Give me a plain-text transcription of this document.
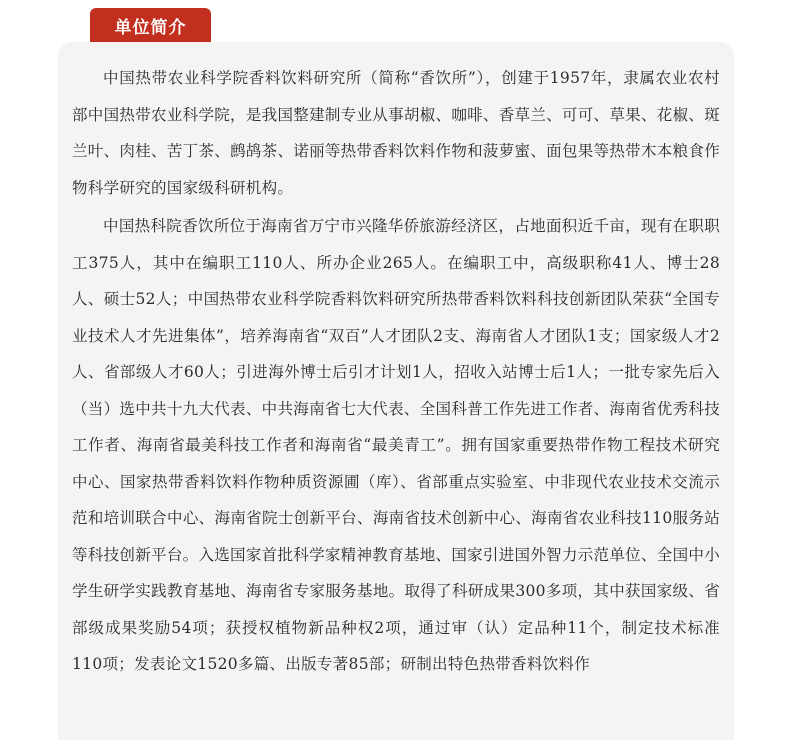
单位简介

中国热带农业科学院香料饮料研究所（简称“香饮所”），创建于1957年，隶属农业农村部中国热带农业科学院，是我国整建制专业从事胡椒、咖啡、香草兰、可可、草果、花椒、斑兰叶、肉桂、苦丁茶、鹧鸪茶、诺丽等热带香料饮料作物和菠萝蜜、面包果等热带木本粮食作物科学研究的国家级科研机构。

中国热科院香饮所位于海南省万宁市兴隆华侨旅游经济区，占地面积近千亩，现有在职职工375人，其中在编职工110人、所办企业265人。在编职工中，高级职称41人、博士28人、硕士52人；中国热带农业科学院香料饮料研究所热带香料饮料科技创新团队荣获“全国专业技术人才先进集体”，培养海南省“双百”人才团队2支、海南省人才团队1支；国家级人才2人、省部级人才60人；引进海外博士后引才计划1人，招收入站博士后1人；一批专家先后入（当）选中共十九大代表、中共海南省七大代表、全国科普工作先进工作者、海南省优秀科技工作者、海南省最美科技工作者和海南省“最美青工”。拥有国家重要热带作物工程技术研究中心、国家热带香料饮料作物种质资源圃（库）、省部重点实验室、中非现代农业技术交流示范和培训联合中心、海南省院士创新平台、海南省技术创新中心、海南省农业科技110服务站等科技创新平台。入选国家首批科学家精神教育基地、国家引进国外智力示范单位、全国中小学生研学实践教育基地、海南省专家服务基地。取得了科研成果300多项，其中获国家级、省部级成果奖励54项；获授权植物新品种权2项，通过审（认）定品种11个，制定技术标准110项；发表论文1520多篇、出版专著85部；研制出特色热带香料饮料作
